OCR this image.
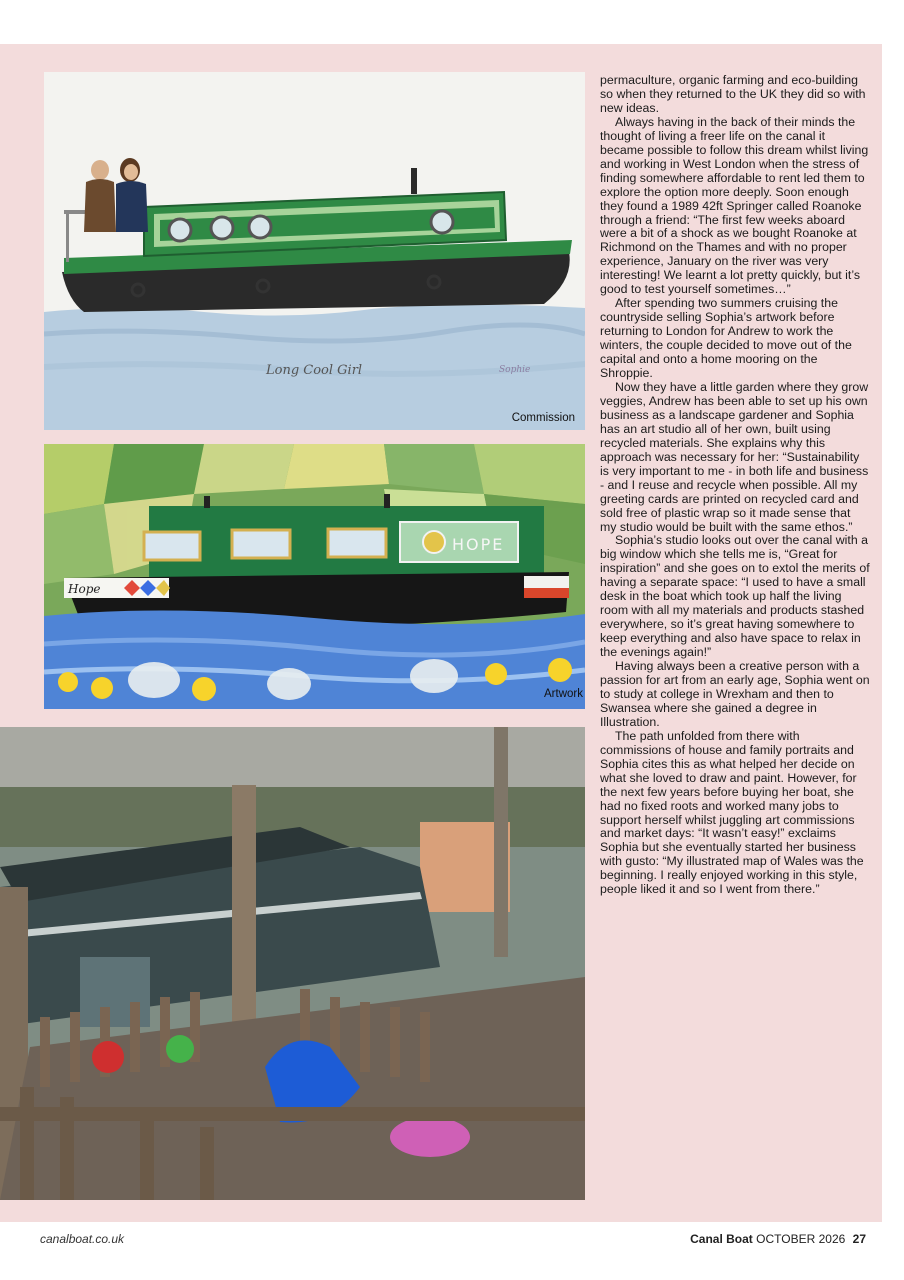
Long Cool Girl	Sophie
Commission
HOPE
Hope
Artwork

permaculture, organic farming and eco-building so when they returned to the UK they did so with new ideas.

Always having in the back of their minds the thought of living a freer life on the canal it became possible to follow this dream whilst living and working in West London when the stress of finding somewhere affordable to rent led them to explore the option more deeply. Soon enough they found a 1989 42ft Springer called Roanoke through a friend: “The first few weeks aboard were a bit of a shock as we bought Roanoke at Richmond on the Thames and with no proper experience, January on the river was very interesting! We learnt a lot pretty quickly, but it’s good to test yourself sometimes…”

After spending two summers cruising the countryside selling Sophia’s artwork before returning to London for Andrew to work the winters, the couple decided to move out of the capital and onto a home mooring on the Shroppie.

Now they have a little garden where they grow veggies, Andrew has been able to set up his own business as a landscape gardener and Sophia has an art studio all of her own, built using recycled materials. She explains why this approach was necessary for her: “Sustainability is very important to me - in both life and business - and I reuse and recycle when possible. All my greeting cards are printed on recycled card and sold free of plastic wrap so it made sense that my studio would be built with the same ethos.”

Sophia’s studio looks out over the canal with a big window which she tells me is, “Great for inspiration” and she goes on to extol the merits of having a separate space: “I used to have a small desk in the boat which took up half the living room with all my materials and products stashed everywhere, so it’s great having somewhere to keep everything and also have space to relax in the evenings again!”

Having always been a creative person with a passion for art from an early age, Sophia went on to study at college in Wrexham and then to Swansea where she gained a degree in Illustration.

The path unfolded from there with commissions of house and family portraits and Sophia cites this as what helped her decide on what she loved to draw and paint. However, for the next few years before buying her boat, she had no fixed roots and worked many jobs to support herself whilst juggling art commissions and market days: “It wasn’t easy!” exclaims Sophia but she eventually started her business with gusto: “My illustrated map of Wales was the beginning. I really enjoyed working in this style, people liked it and so I went from there.”

canalboat.co.uk	Canal Boat OCTOBER 2026 27
